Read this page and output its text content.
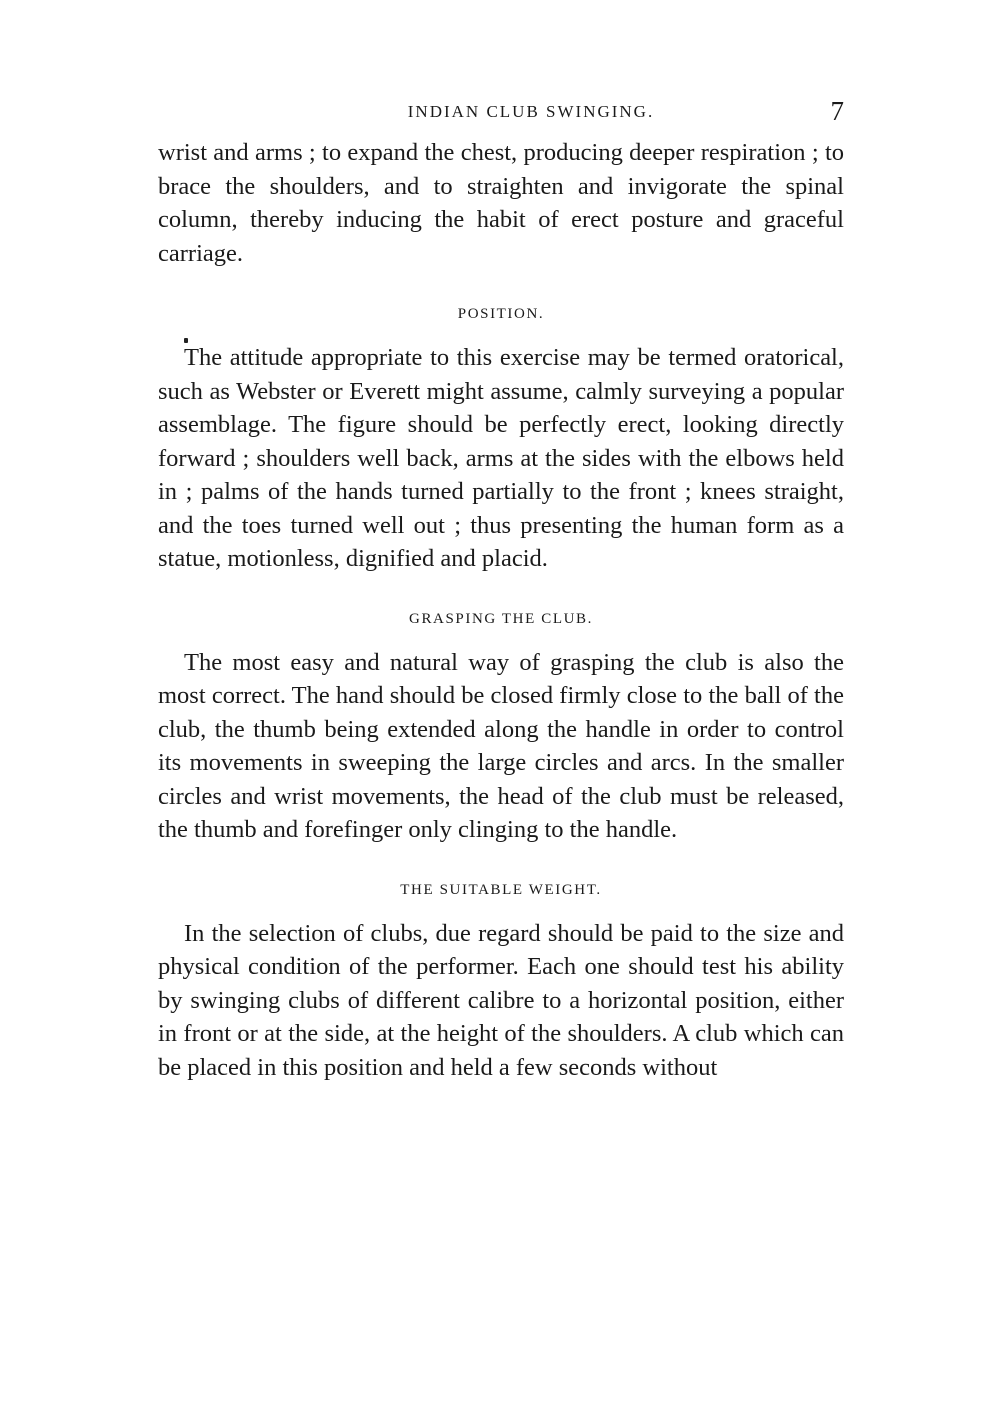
INDIAN CLUB SWINGING.	7

wrist and arms ; to expand the chest, producing deeper respiration ; to brace the shoulders, and to straighten and invigorate the spinal column, thereby inducing the habit of erect posture and graceful carriage.

POSITION.

The attitude appropriate to this exercise may be termed oratorical, such as Webster or Everett might assume, calmly surveying a popular assemblage. The figure should be perfectly erect, looking directly forward ; shoulders well back, arms at the sides with the elbows held in ; palms of the hands turned partially to the front ; knees straight, and the toes turned well out ; thus presenting the human form as a statue, motionless, dignified and placid.

GRASPING THE CLUB.

The most easy and natural way of grasping the club is also the most correct. The hand should be closed firmly close to the ball of the club, the thumb being extended along the handle in order to control its movements in sweeping the large circles and arcs. In the smaller circles and wrist movements, the head of the club must be released, the thumb and forefinger only clinging to the handle.

THE SUITABLE WEIGHT.

In the selection of clubs, due regard should be paid to the size and physical condition of the performer. Each one should test his ability by swinging clubs of different calibre to a horizontal position, either in front or at the side, at the height of the shoulders. A club which can be placed in this position and held a few seconds without
